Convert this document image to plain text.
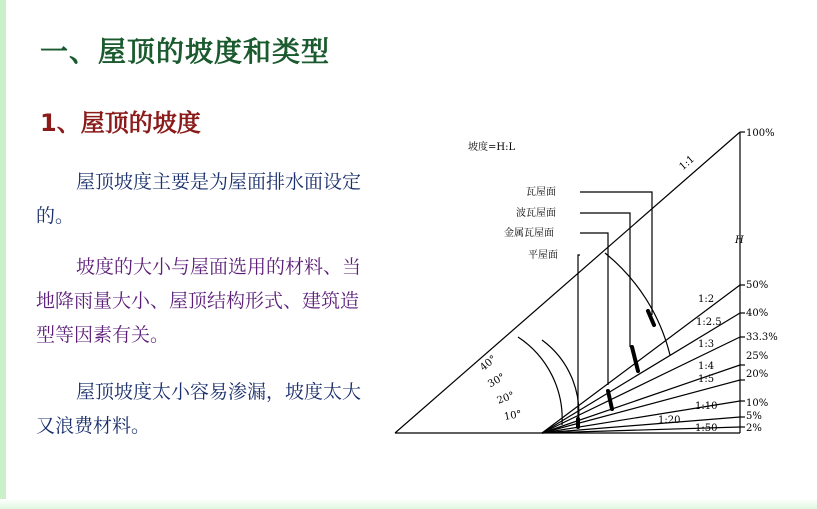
一、屋顶的坡度和类型
1、屋顶的坡度

屋顶坡度主要是为屋面排水面设定的。

坡度的大小与屋面选用的材料、当地降雨量大小、屋顶结构形式、建筑造型等因素有关。

屋顶坡度太小容易渗漏，坡度太大又浪费材料。

坡度=H:L
H
瓦屋面
波瓦屋面
金属瓦屋面
平屋面
1:1
1:2
1:2.5
1:3
1:4
1:5
1:10
1:20
1:50
100%
50%
40%
33.3%
25%
20%
10%
5%
2%
40°
30°
20°
10°
